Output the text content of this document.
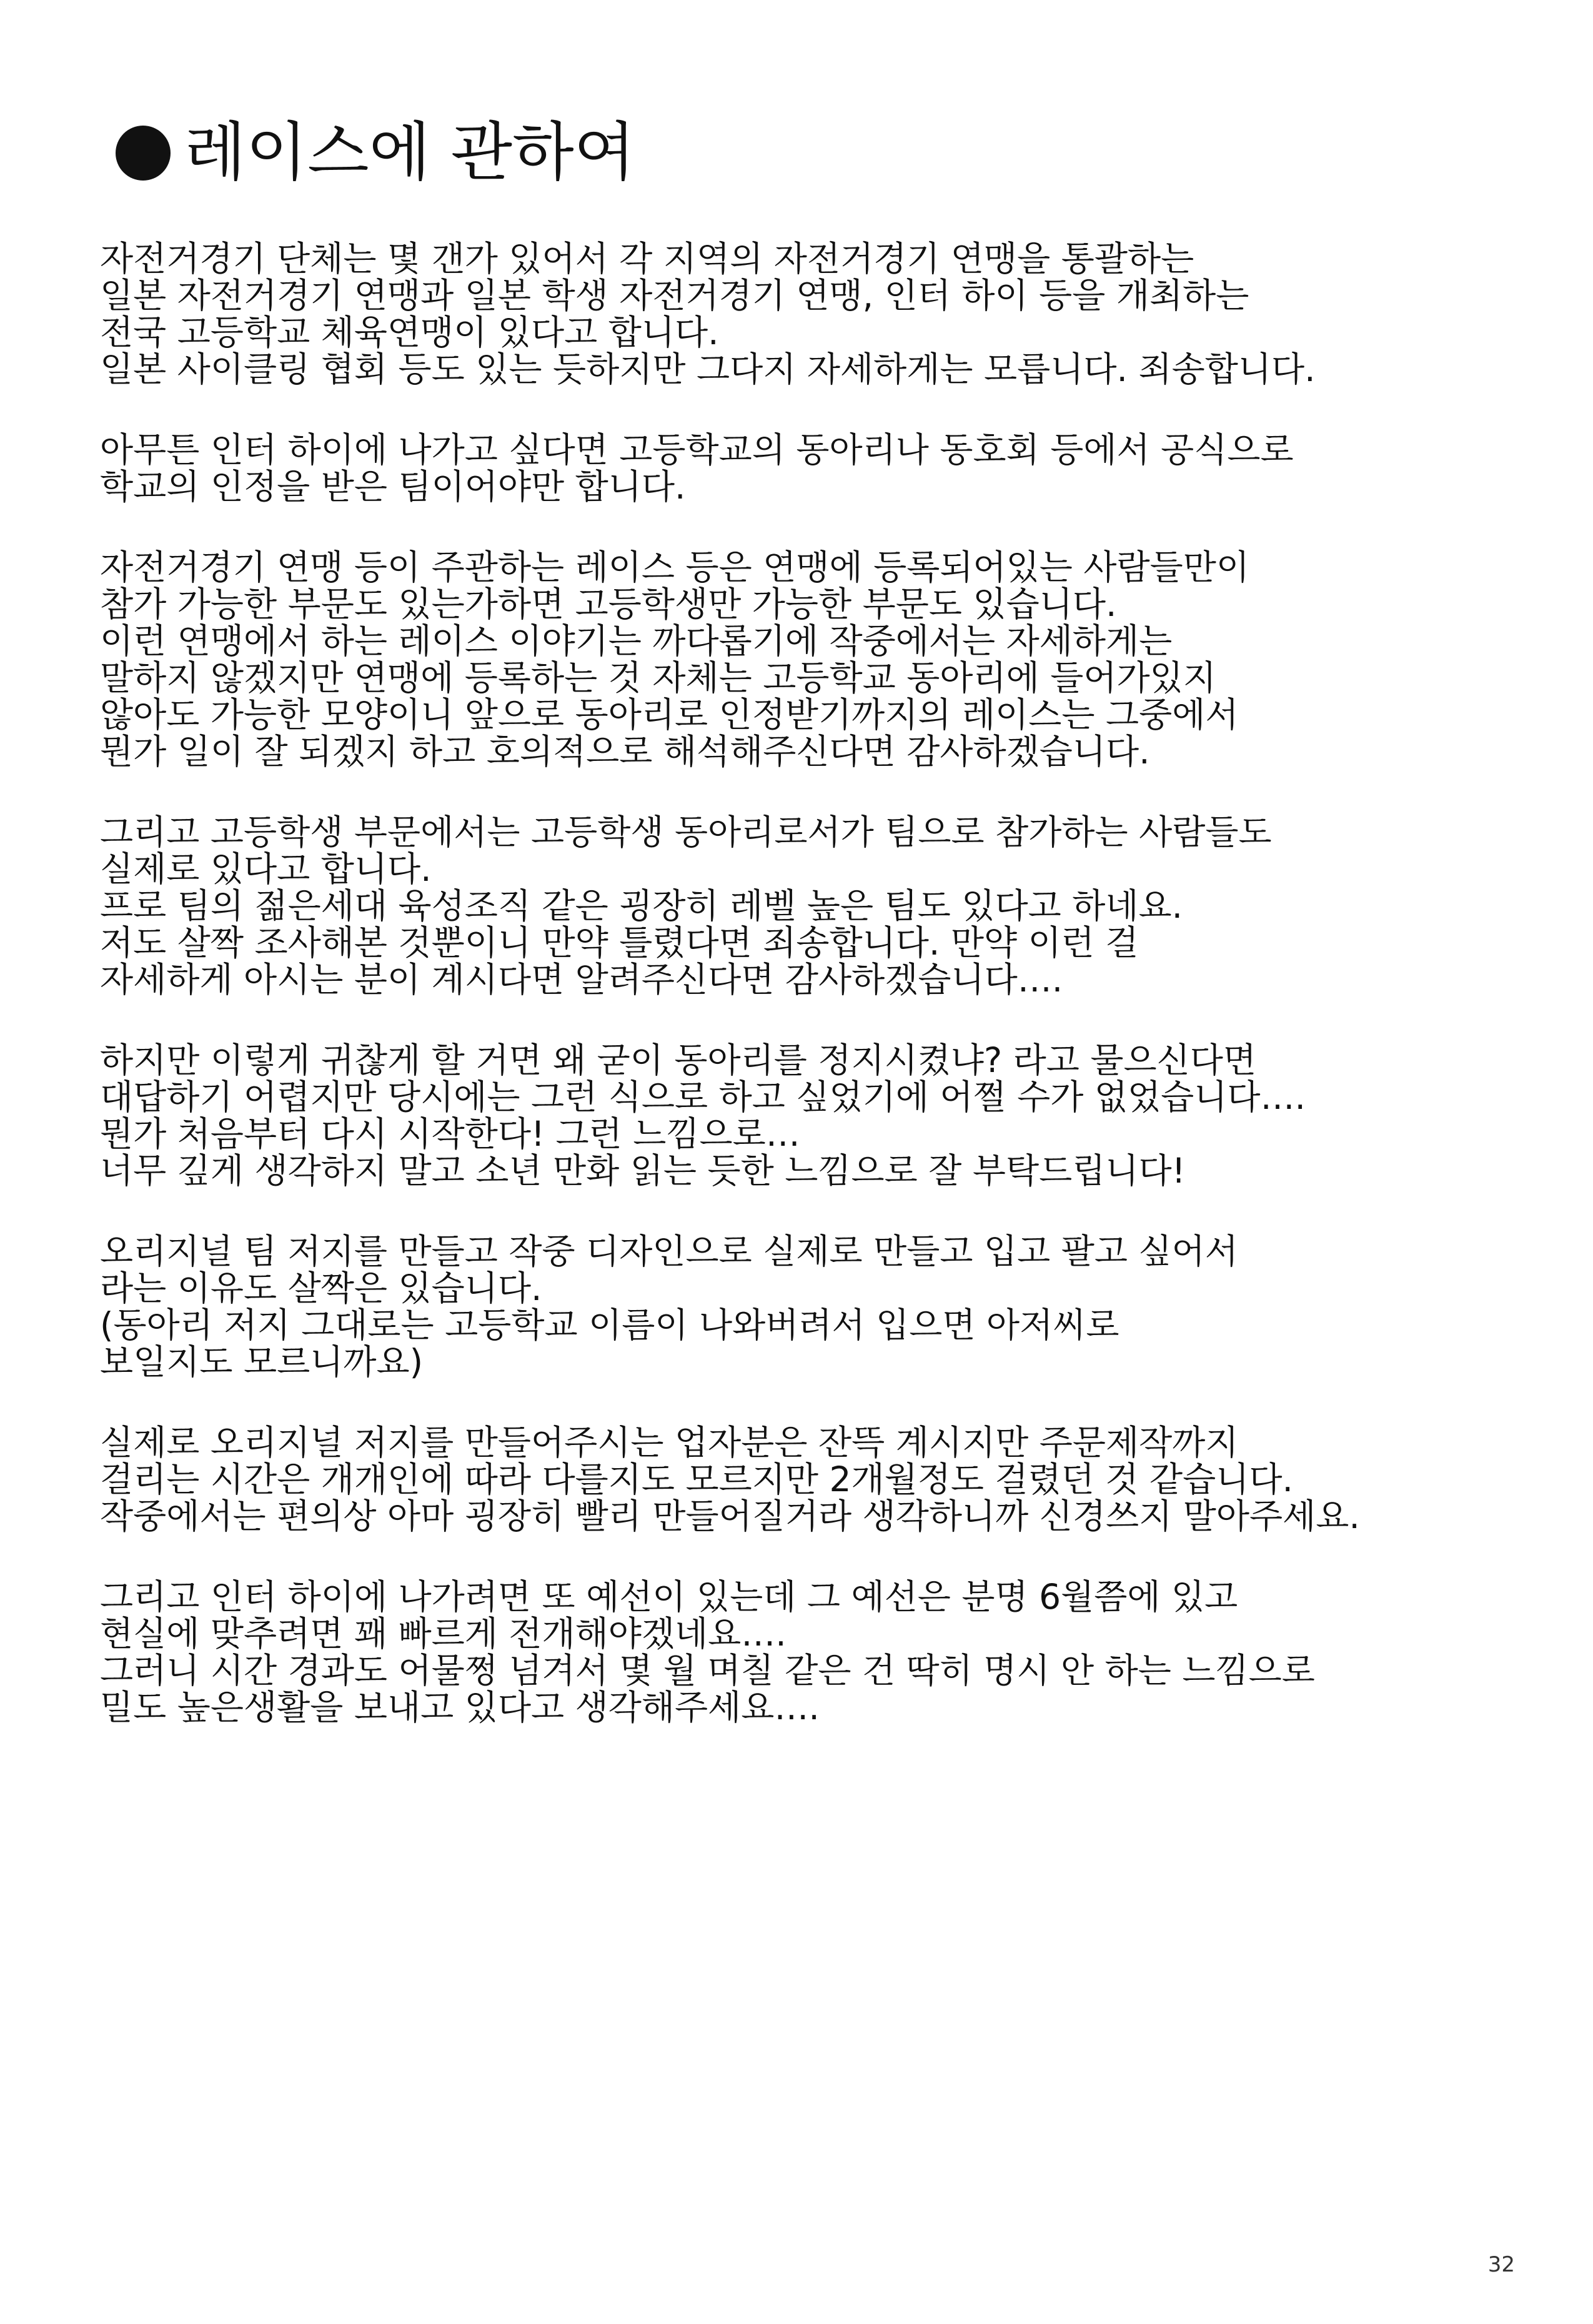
레이스에 관하여
자전거경기 단체는 몇 갠가 있어서 각 지역의 자전거경기 연맹을 통괄하는
일본 자전거경기 연맹과 일본 학생 자전거경기 연맹, 인터 하이 등을 개최하는
전국 고등학교 체육연맹이 있다고 합니다.
일본 사이클링 협회 등도 있는 듯하지만 그다지 자세하게는 모릅니다. 죄송합니다.
아무튼 인터 하이에 나가고 싶다면 고등학교의 동아리나 동호회 등에서 공식으로
학교의 인정을 받은 팀이어야만 합니다.
자전거경기 연맹 등이 주관하는 레이스 등은 연맹에 등록되어있는 사람들만이
참가 가능한 부문도 있는가하면 고등학생만 가능한 부문도 있습니다.
이런 연맹에서 하는 레이스 이야기는 까다롭기에 작중에서는 자세하게는
말하지 않겠지만 연맹에 등록하는 것 자체는 고등학교 동아리에 들어가있지
않아도 가능한 모양이니 앞으로 동아리로 인정받기까지의 레이스는 그중에서
뭔가 일이 잘 되겠지 하고 호의적으로 해석해주신다면 감사하겠습니다.
그리고 고등학생 부문에서는 고등학생 동아리로서가 팀으로 참가하는 사람들도
실제로 있다고 합니다.
프로 팀의 젊은세대 육성조직 같은 굉장히 레벨 높은 팀도 있다고 하네요.
저도 살짝 조사해본 것뿐이니 만약 틀렸다면 죄송합니다. 만약 이런 걸
자세하게 아시는 분이 계시다면 알려주신다면 감사하겠습니다….
하지만 이렇게 귀찮게 할 거면 왜 굳이 동아리를 정지시켰냐? 라고 물으신다면
대답하기 어렵지만 당시에는 그런 식으로 하고 싶었기에 어쩔 수가 없었습니다….
뭔가 처음부터 다시 시작한다! 그런 느낌으로…
너무 깊게 생각하지 말고 소년 만화 읽는 듯한 느낌으로 잘 부탁드립니다!
오리지널 팀 저지를 만들고 작중 디자인으로 실제로 만들고 입고 팔고 싶어서
라는 이유도 살짝은 있습니다.
(동아리 저지 그대로는 고등학교 이름이 나와버려서 입으면 아저씨로
보일지도 모르니까요)
실제로 오리지널 저지를 만들어주시는 업자분은 잔뜩 계시지만 주문제작까지
걸리는 시간은 개개인에 따라 다를지도 모르지만 2개월정도 걸렸던 것 같습니다.
작중에서는 편의상 아마 굉장히 빨리 만들어질거라 생각하니까 신경쓰지 말아주세요.
그리고 인터 하이에 나가려면 또 예선이 있는데 그 예선은 분명 6월쯤에 있고
현실에 맞추려면 꽤 빠르게 전개해야겠네요….
그러니 시간 경과도 어물쩡 넘겨서 몇 월 며칠 같은 건 딱히 명시 안 하는 느낌으로
밀도 높은생활을 보내고 있다고 생각해주세요….
32
